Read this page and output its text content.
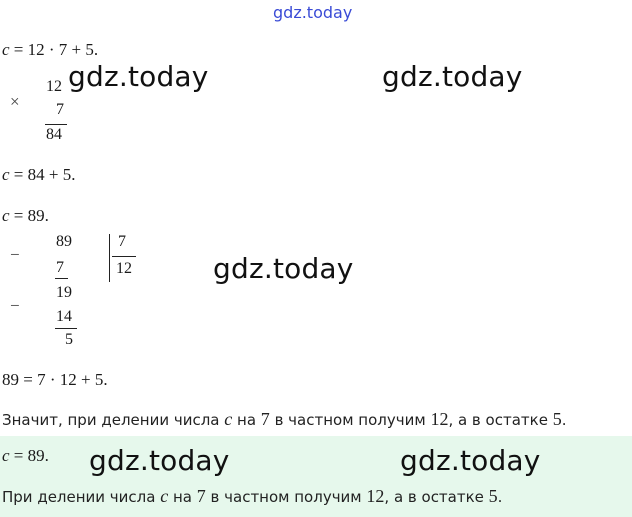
gdz.today
c = 12 · 7 + 5.
×
12
7
84
c = 84 + 5.
c = 89.
−
89
7
7
12
−
19
14
5
89 = 7 · 12 + 5.
Значит, при делении числа c на 7 в частном получим 12, а в остатке 5.
c = 89.
При делении числа c на 7 в частном получим 12, а в остатке 5.
gdz.today	gdz.today
gdz.today
gdz.today	gdz.today
